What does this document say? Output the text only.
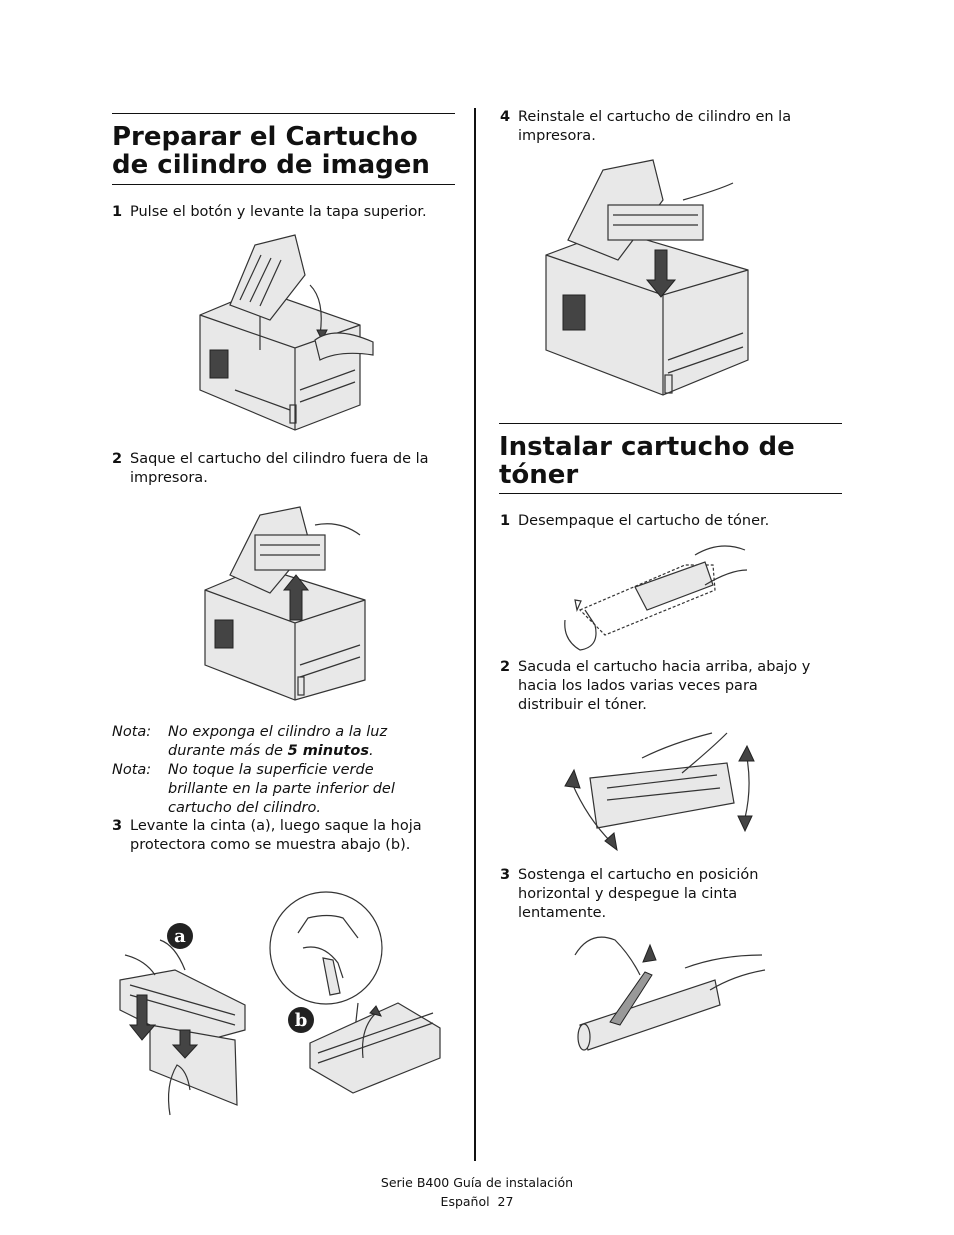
Preparar el Cartucho
de cilindro de imagen
1 Pulse el botón y levante la tapa superior.
2 Saque el cartucho del cilindro fuera de la
impresora.
Nota: No exponga el cilindro a la luz
durante más de 5 minutos.
Nota: No toque la superficie verde
brillante en la parte inferior del
cartucho del cilindro.
3 Levante la cinta (a), luego saque la hoja
protectora como se muestra abajo (b).
a
b
4 Reinstale el cartucho de cilindro en la
impresora.
Instalar cartucho de
tóner
1 Desempaque el cartucho de tóner.
2 Sacuda el cartucho hacia arriba, abajo y
hacia los lados varias veces para
distribuir el tóner.
3 Sostenga el cartucho en posición
horizontal y despegue la cinta
lentamente.
Serie B400 Guía de instalación
Español  27
